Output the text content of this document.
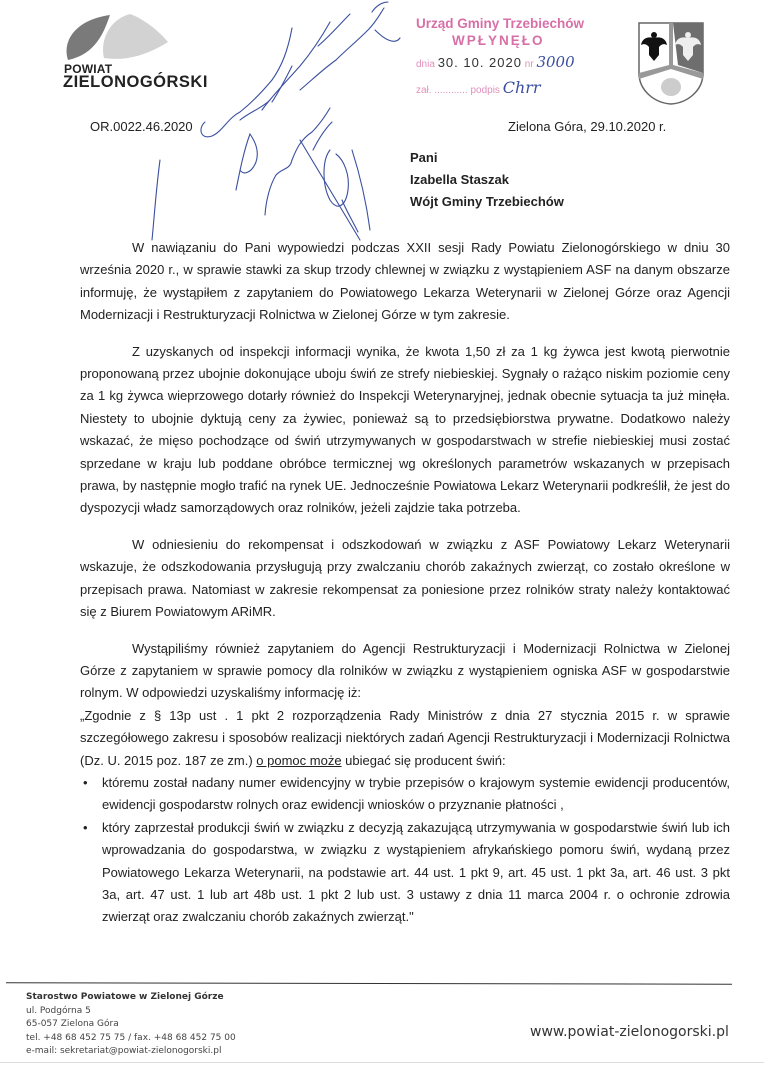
POWIAT
ZIELONOGÓRSKI
OR.0022.46.2020
Urząd Gminy Trzebiechów
WPŁYNĘŁO
dnia 30. 10. 2020 nr 3000
zał. ............ podpis Chrr
Zielona Góra, 29.10.2020 r.
Pani
Izabella Staszak
Wójt Gminy Trzebiechów

W nawiązaniu do Pani wypowiedzi podczas XXII sesji Rady Powiatu Zielonogórskiego w dniu 30 września 2020 r., w sprawie stawki za skup trzody chlewnej w związku z wystąpieniem ASF na danym obszarze informuję, że wystąpiłem z zapytaniem do Powiatowego Lekarza Weterynarii w Zielonej Górze oraz Agencji Modernizacji i Restrukturyzacji Rolnictwa w Zielonej Górze w tym zakresie.

Z uzyskanych od inspekcji informacji wynika, że kwota 1,50 zł za 1 kg żywca jest kwotą pierwotnie proponowaną przez ubojnie dokonujące uboju świń ze strefy niebieskiej. Sygnały o rażąco niskim poziomie ceny za 1 kg żywca wieprzowego dotarły również do Inspekcji Weterynaryjnej, jednak obecnie sytuacja ta już minęła. Niestety to ubojnie dyktują ceny za żywiec, ponieważ są to przedsiębiorstwa prywatne. Dodatkowo należy wskazać, że mięso pochodzące od świń utrzymywanych w gospodarstwach w strefie niebieskiej musi zostać sprzedane w kraju lub poddane obróbce termicznej wg określonych parametrów wskazanych w przepisach prawa, by następnie mogło trafić na rynek UE. Jednocześnie Powiatowa Lekarz Weterynarii podkreślił, że jest do dyspozycji władz samorządowych oraz rolników, jeżeli zajdzie taka potrzeba.

W odniesieniu do rekompensat i odszkodowań w związku z ASF Powiatowy Lekarz Weterynarii wskazuje, że odszkodowania przysługują przy zwalczaniu chorób zakaźnych zwierząt, co zostało określone w przepisach prawa. Natomiast w zakresie rekompensat za poniesione przez rolników straty należy kontaktować się z Biurem Powiatowym ARiMR.

Wystąpiliśmy również zapytaniem do Agencji Restrukturyzacji i Modernizacji Rolnictwa w Zielonej Górze z zapytaniem w sprawie pomocy dla rolników w związku z wystąpieniem ogniska ASF w gospodarstwie rolnym. W odpowiedzi uzyskaliśmy informację iż:

„Zgodnie z § 13p ust . 1 pkt 2 rozporządzenia Rady Ministrów z dnia 27 stycznia 2015 r. w sprawie szczegółowego zakresu i sposobów realizacji niektórych zadań Agencji Restrukturyzacji i Modernizacji Rolnictwa (Dz. U. 2015 poz. 187 ze zm.) o pomoc może ubiegać się producent świń:

• któremu został nadany numer ewidencyjny w trybie przepisów o krajowym systemie ewidencji producentów, ewidencji gospodarstw rolnych oraz ewidencji wniosków o przyznanie płatności ,
• który zaprzestał produkcji świń w związku z decyzją zakazującą utrzymywania w gospodarstwie świń lub ich wprowadzania do gospodarstwa, w związku z wystąpieniem afrykańskiego pomoru świń, wydaną przez Powiatowego Lekarza Weterynarii, na podstawie art. 44 ust. 1 pkt 9, art. 45 ust. 1 pkt 3a, art. 46 ust. 3 pkt 3a, art. 47 ust. 1 lub art 48b ust. 1 pkt 2 lub ust. 3 ustawy z dnia 11 marca 2004 r. o ochronie zdrowia zwierząt oraz zwalczaniu chorób zakaźnych zwierząt."
Starostwo Powiatowe w Zielonej Górze
ul. Podgórna 5
65-057 Zielona Góra
tel. +48 68 452 75 75 / fax. +48 68 452 75 00
e-mail: sekretariat@powiat-zielonogorski.pl
www.powiat-zielonogorski.pl
